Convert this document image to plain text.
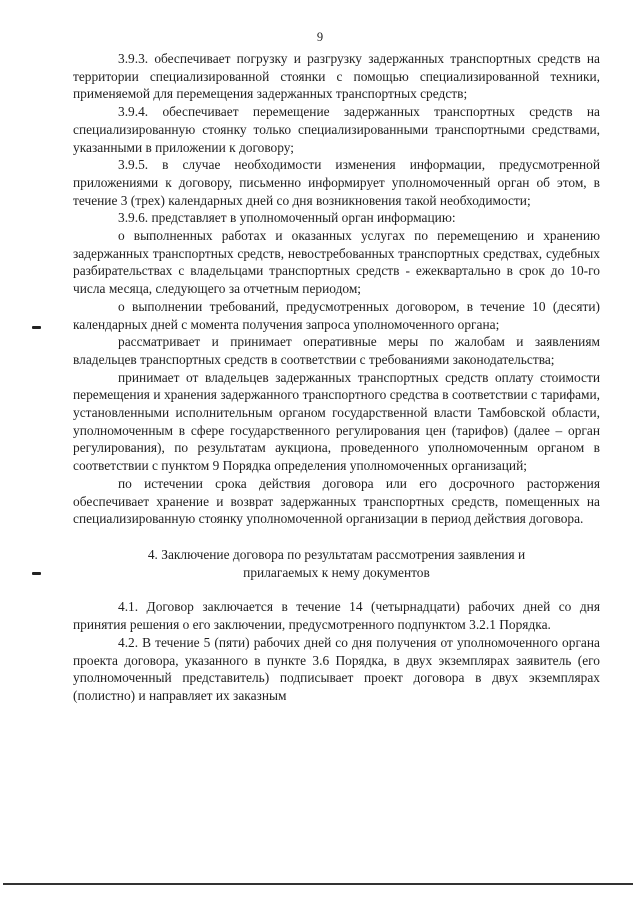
9

3.9.3. обеспечивает погрузку и разгрузку задержанных транспортных средств на территории специализированной стоянки с помощью специализированной техники, применяемой для перемещения задержанных транспортных средств;

3.9.4. обеспечивает перемещение задержанных транспортных средств на специализированную стоянку только специализированными транспортными средствами, указанными в приложении к договору;

3.9.5. в случае необходимости изменения информации, предусмотренной приложениями к договору, письменно информирует уполномоченный орган об этом, в течение 3 (трех) календарных дней со дня возникновения такой необходимости;

3.9.6. представляет в уполномоченный орган информацию:

о выполненных работах и оказанных услугах по перемещению и хранению задержанных транспортных средств, невостребованных транспортных средствах, судебных разбирательствах с владельцами транспортных средств - ежеквартально в срок до 10-го числа месяца, следующего за отчетным периодом;

о выполнении требований, предусмотренных договором, в течение 10 (десяти) календарных дней с момента получения запроса уполномоченного органа;

рассматривает и принимает оперативные меры по жалобам и заявлениям владельцев транспортных средств в соответствии с требованиями законодательства;

принимает от владельцев задержанных транспортных средств оплату стоимости перемещения и хранения задержанного транспортного средства в соответствии с тарифами, установленными исполнительным органом государственной власти Тамбовской области, уполномоченным в сфере государственного регулирования цен (тарифов) (далее – орган регулирования), по результатам аукциона, проведенного уполномоченным органом в соответствии с пунктом 9 Порядка определения уполномоченных организаций;

по истечении срока действия договора или его досрочного расторжения обеспечивает хранение и возврат задержанных транспортных средств, помещенных на специализированную стоянку уполномоченной организации в период действия договора.

4. Заключение договора по результатам рассмотрения заявления и прилагаемых к нему документов

4.1. Договор заключается в течение 14 (четырнадцати) рабочих дней со дня принятия решения о его заключении, предусмотренного подпунктом 3.2.1 Порядка.

4.2. В течение 5 (пяти) рабочих дней со дня получения от уполномоченного органа проекта договора, указанного в пункте 3.6 Порядка, в двух экземплярах заявитель (его уполномоченный представитель) подписывает проект договора в двух экземплярах (полистно) и направляет их заказным
